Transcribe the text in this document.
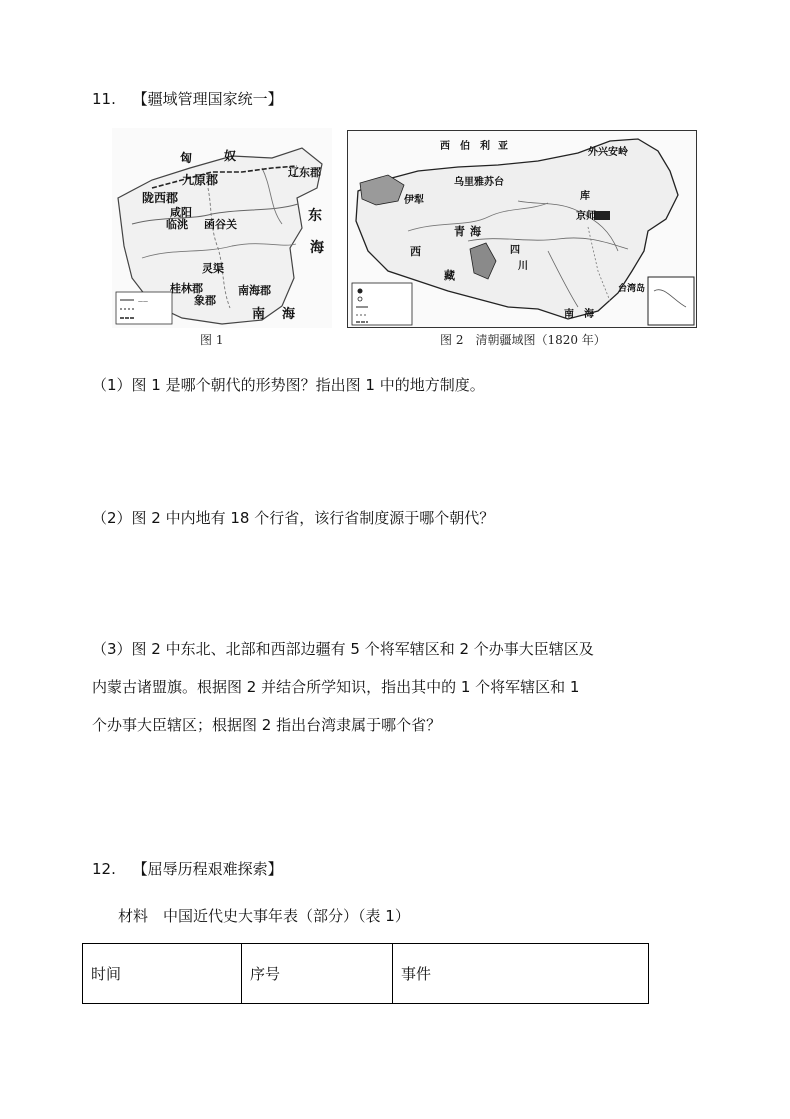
11. 【疆域管理国家统一】
——
匈	奴
九原郡
辽东郡
陇西郡
咸阳
临洮 函谷关
东
海
灵渠
桂林郡
象郡
南海郡
南 海
图 1
西 伯 利 亚
外兴安岭
乌里雅苏台
库
伊犁
京师
青 海
西
藏
四
川
台湾岛
南 海
图 2　清朝疆域图（1820 年）
（1）图 1 是哪个朝代的形势图？指出图 1 中的地方制度。
（2）图 2 中内地有 18 个行省，该行省制度源于哪个朝代？
（3）图 2 中东北、北部和西部边疆有 5 个将军辖区和 2 个办事大臣辖区及
内蒙古诸盟旗。根据图 2 并结合所学知识，指出其中的 1 个将军辖区和 1
个办事大臣辖区；根据图 2 指出台湾隶属于哪个省？
12. 【屈辱历程艰难探索】
材料　中国近代史大事年表（部分）（表 1）
时间	序号	事件
